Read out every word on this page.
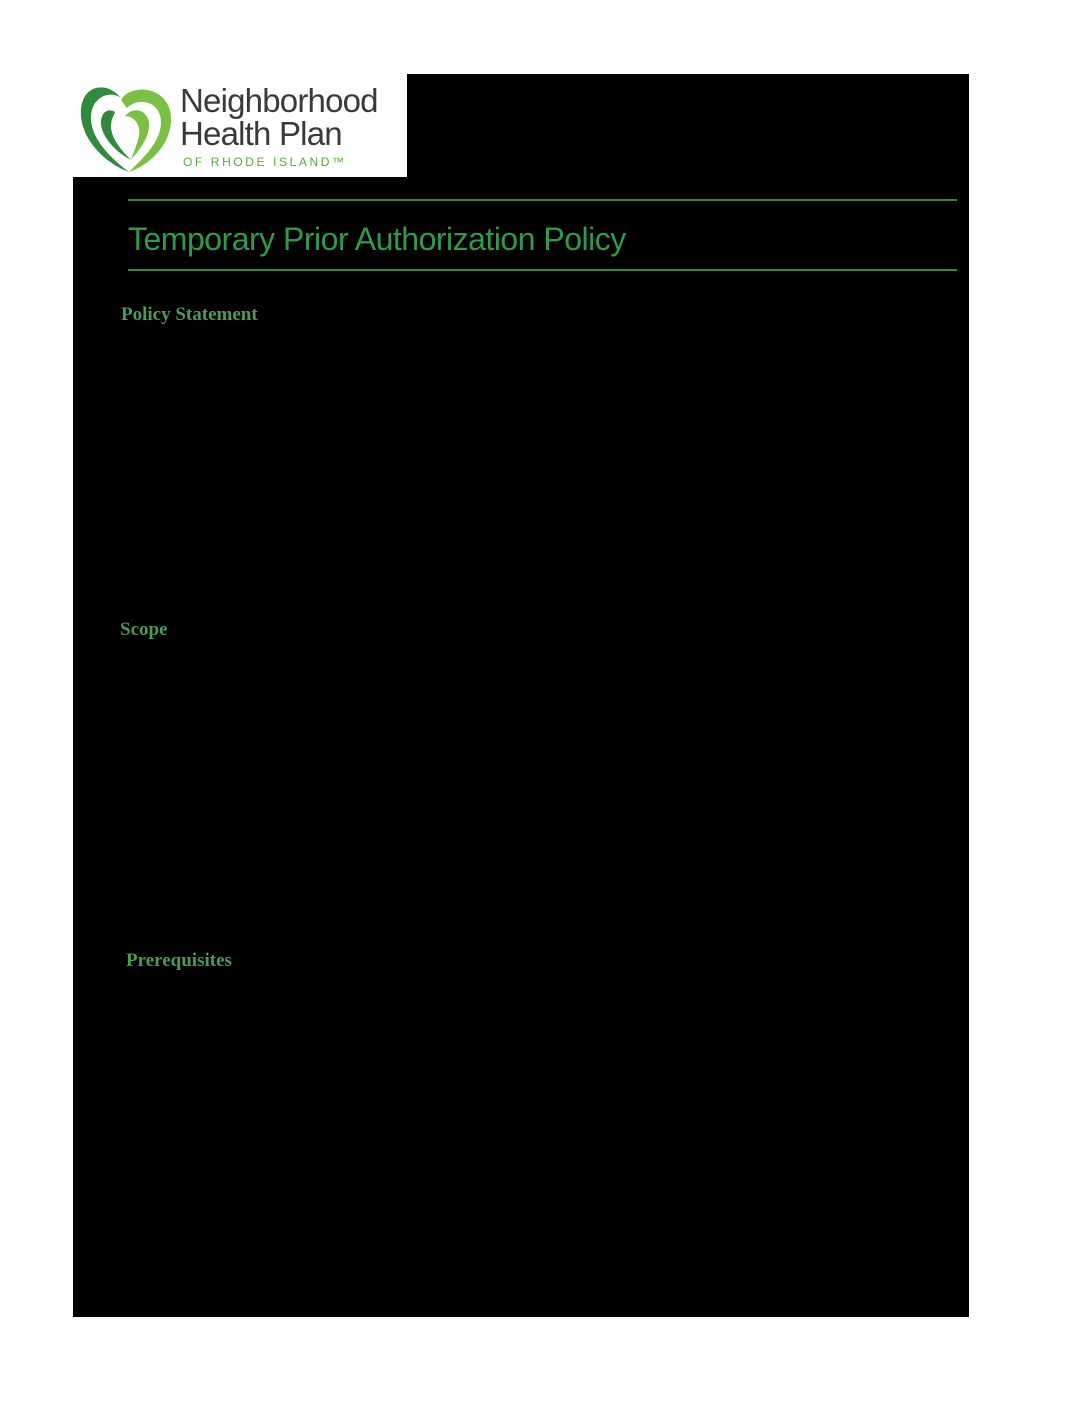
Neighborhood
Health Plan
OF RHODE ISLAND™
Temporary Prior Authorization Policy
Policy Statement
Scope
Prerequisites
